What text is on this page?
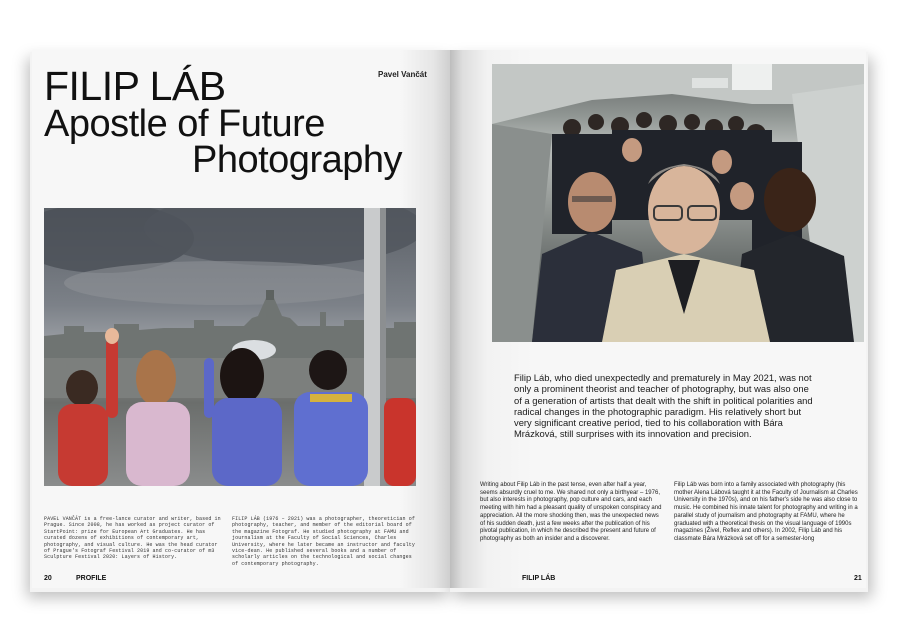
FILIP LÁB
Apostle of Future
Photography
Pavel Vančát
PAVEL VANČÁT is a free-lance curator and writer, based in Prague. Since 2008, he has worked as project curator of StartPoint: prize for European Art Graduates. He has curated dozens of exhibitions of contemporary art, photography, and visual culture. He was the head curator of Prague's Fotograf Festival 2019 and co-curator of m3 Sculpture Festival 2020: Layers of History.
FILIP LÁB (1976 – 2021) was a photographer, theoretician of photography, teacher, and member of the editorial board of the magazine Fotograf. He studied photography at FAMU and journalism at the Faculty of Social Sciences, Charles University, where he later became an instructor and faculty vice-dean. He published several books and a number of scholarly articles on the technological and social changes of contemporary photography.
20	PROFILE
Filip Láb, who died unexpectedly and prematurely in May 2021, was not only a prominent theorist and teacher of photography, but was also one of a generation of artists that dealt with the shift in political polarities and radical changes in the photographic paradigm. His relatively short but very significant creative period, tied to his collaboration with Bára Mrázková, still surprises with its innovation and precision.
Writing about Filip Láb in the past tense, even after half a year, seems absurdly cruel to me. We shared not only a birthyear – 1976, but also interests in photography, pop culture and cars, and each meeting with him had a pleasant quality of unspoken conspiracy and appreciation. All the more shocking then, was the unexpected news of his sudden death, just a few weeks after the publication of his pivotal publication, in which he described the present and future of photography as both an insider and a discoverer.
Filip Láb was born into a family associated with photography (his mother Alena Lábová taught it at the Faculty of Journalism at Charles University in the 1970s), and on his father's side he was also close to music. He combined his innate talent for photography and writing in a parallel study of journalism and photography at FAMU, where he graduated with a theoretical thesis on the visual language of 1990s magazines (Živel, Reflex and others). In 2002, Filip Láb and his classmate Bára Mrázková set off for a semester-long
FILIP LÁB	21
